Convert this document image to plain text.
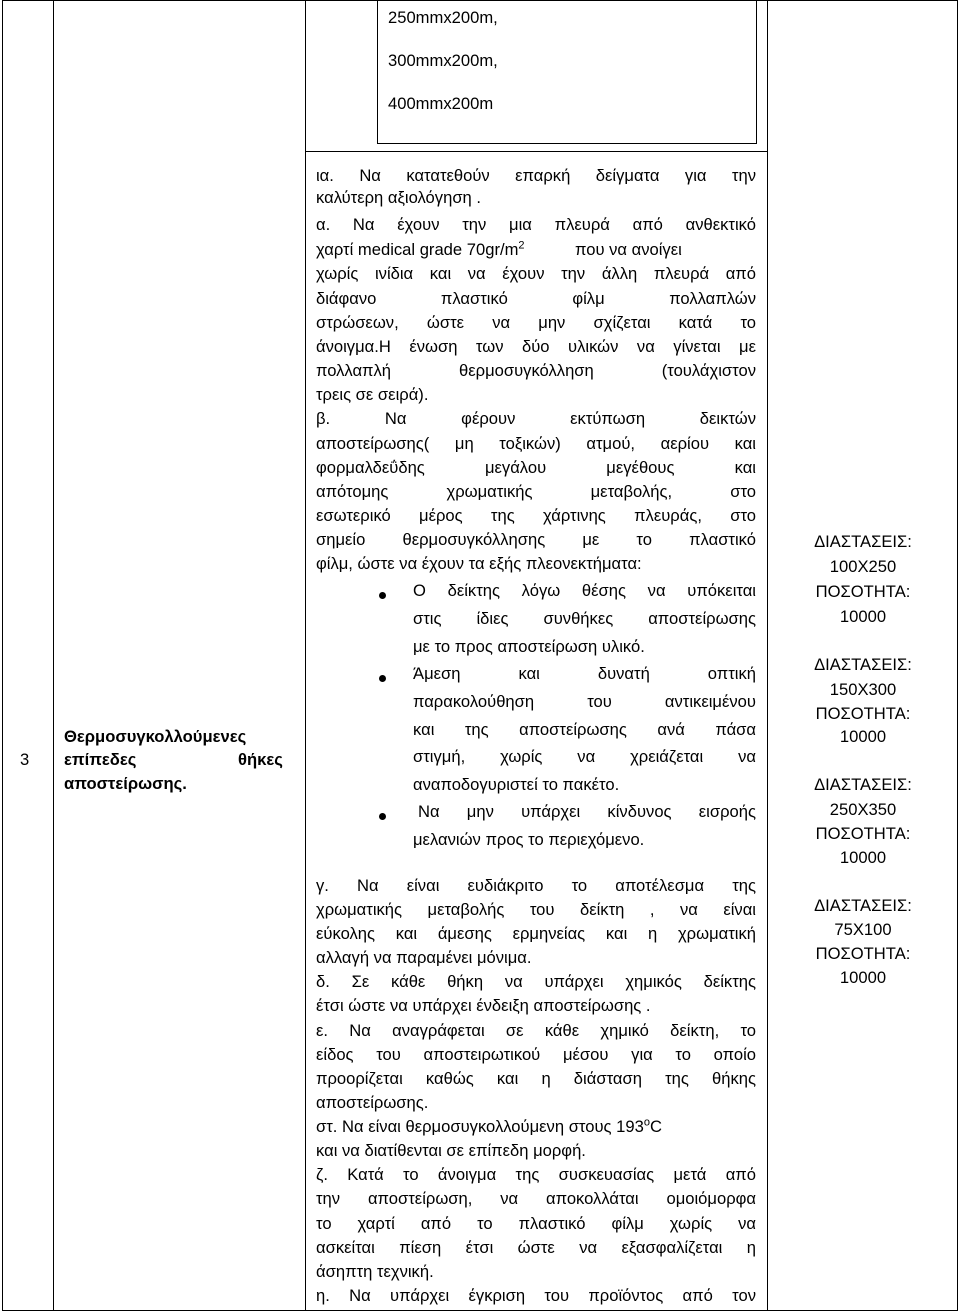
3
Θερμοσυγκολλούμενες
επίπεδες	θήκες
αποστείρωσης.
250mmx200m,
300mmx200m,
400mmx200m
ια. Να κατατεθούν επαρκή δείγματα για την
καλύτερη αξιολόγηση .
α. Να έχουν την μια πλευρά από ανθεκτικό
χαρτί medical grade $70gr/m^2$	που να ανοίγει
χωρίς ινίδια και να έχουν την άλλη πλευρά από
διάφανο πλαστικό φίλμ πολλαπλών
στρώσεων, ώστε να μην σχίζεται κατά το
άνοιγμα.Η ένωση των δύο υλικών να γίνεται με
πολλαπλή θερμοσυγκόλληση (τουλάχιστον
τρεις σε σειρά).
β. Να φέρουν εκτύπωση δεικτών
αποστείρωσης( μη τοξικών) ατμού, αερίου και
φορμαλδεΰδης μεγάλου μεγέθους και
απότομης χρωματικής μεταβολής, στο
εσωτερικό μέρος της χάρτινης πλευράς, στο
σημείο θερμοσυγκόλλησης με το πλαστικό
φίλμ, ώστε να έχουν τα εξής πλεονεκτήματα:
Ο δείκτης λόγω θέσης να υπόκειται
στις ίδιες συνθήκες αποστείρωσης
με το προς αποστείρωση υλικό.
Άμεση και δυνατή οπτική
παρακολούθηση του αντικειμένου
και της αποστείρωσης ανά πάσα
στιγμή, χωρίς να χρειάζεται να
αναποδογυριστεί το πακέτο.
Να μην υπάρχει κίνδυνος εισροής
μελανιών προς το περιεχόμενο.
γ. Να είναι ευδιάκριτο το αποτέλεσμα της
χρωματικής μεταβολής του δείκτη , να είναι
εύκολης και άμεσης ερμηνείας και η χρωματική
αλλαγή να παραμένει μόνιμα.
δ. Σε κάθε θήκη να υπάρχει χημικός δείκτης
έτσι ώστε να υπάρχει ένδειξη αποστείρωσης .
ε. Να αναγράφεται σε κάθε χημικό δείκτη, το
είδος του αποστειρωτικού μέσου για το οποίο
προορίζεται καθώς και η διάσταση της θήκης
αποστείρωσης.
στ. Να είναι θερμοσυγκολλούμενη στους $193^oC$
και να διατίθενται σε επίπεδη μορφή.
ζ. Κατά το άνοιγμα της συσκευασίας μετά από
την αποστείρωση, να αποκολλάται ομοιόμορφα
το χαρτί από το πλαστικό φίλμ χωρίς να
ασκείται πίεση έτσι ώστε να εξασφαλίζεται η
άσηπτη τεχνική.
η. Να υπάρχει έγκριση του προϊόντος από τον
ΔΙΑΣΤΑΣΕΙΣ:
100Χ250
ΠΟΣΟΤΗΤΑ:
10000
ΔΙΑΣΤΑΣΕΙΣ:
150Χ300
ΠΟΣΟΤΗΤΑ:
10000
ΔΙΑΣΤΑΣΕΙΣ:
250Χ350
ΠΟΣΟΤΗΤΑ:
10000
ΔΙΑΣΤΑΣΕΙΣ:
75Χ100
ΠΟΣΟΤΗΤΑ:
10000
